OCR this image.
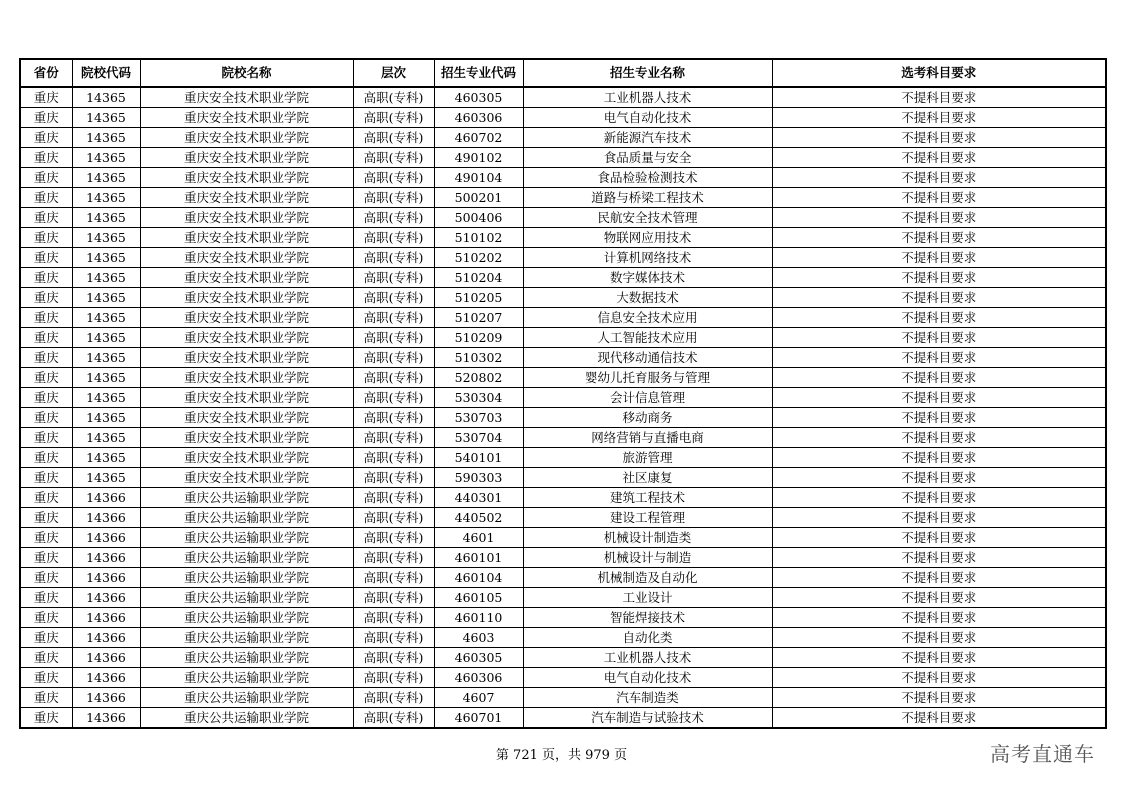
省份	院校代码	院校名称	层次	招生专业代码	招生专业名称	选考科目要求
重庆	14365	重庆安全技术职业学院	高职(专科)	460305	工业机器人技术	不提科目要求
重庆	14365	重庆安全技术职业学院	高职(专科)	460306	电气自动化技术	不提科目要求
重庆	14365	重庆安全技术职业学院	高职(专科)	460702	新能源汽车技术	不提科目要求
重庆	14365	重庆安全技术职业学院	高职(专科)	490102	食品质量与安全	不提科目要求
重庆	14365	重庆安全技术职业学院	高职(专科)	490104	食品检验检测技术	不提科目要求
重庆	14365	重庆安全技术职业学院	高职(专科)	500201	道路与桥梁工程技术	不提科目要求
重庆	14365	重庆安全技术职业学院	高职(专科)	500406	民航安全技术管理	不提科目要求
重庆	14365	重庆安全技术职业学院	高职(专科)	510102	物联网应用技术	不提科目要求
重庆	14365	重庆安全技术职业学院	高职(专科)	510202	计算机网络技术	不提科目要求
重庆	14365	重庆安全技术职业学院	高职(专科)	510204	数字媒体技术	不提科目要求
重庆	14365	重庆安全技术职业学院	高职(专科)	510205	大数据技术	不提科目要求
重庆	14365	重庆安全技术职业学院	高职(专科)	510207	信息安全技术应用	不提科目要求
重庆	14365	重庆安全技术职业学院	高职(专科)	510209	人工智能技术应用	不提科目要求
重庆	14365	重庆安全技术职业学院	高职(专科)	510302	现代移动通信技术	不提科目要求
重庆	14365	重庆安全技术职业学院	高职(专科)	520802	婴幼儿托育服务与管理	不提科目要求
重庆	14365	重庆安全技术职业学院	高职(专科)	530304	会计信息管理	不提科目要求
重庆	14365	重庆安全技术职业学院	高职(专科)	530703	移动商务	不提科目要求
重庆	14365	重庆安全技术职业学院	高职(专科)	530704	网络营销与直播电商	不提科目要求
重庆	14365	重庆安全技术职业学院	高职(专科)	540101	旅游管理	不提科目要求
重庆	14365	重庆安全技术职业学院	高职(专科)	590303	社区康复	不提科目要求
重庆	14366	重庆公共运输职业学院	高职(专科)	440301	建筑工程技术	不提科目要求
重庆	14366	重庆公共运输职业学院	高职(专科)	440502	建设工程管理	不提科目要求
重庆	14366	重庆公共运输职业学院	高职(专科)	4601	机械设计制造类	不提科目要求
重庆	14366	重庆公共运输职业学院	高职(专科)	460101	机械设计与制造	不提科目要求
重庆	14366	重庆公共运输职业学院	高职(专科)	460104	机械制造及自动化	不提科目要求
重庆	14366	重庆公共运输职业学院	高职(专科)	460105	工业设计	不提科目要求
重庆	14366	重庆公共运输职业学院	高职(专科)	460110	智能焊接技术	不提科目要求
重庆	14366	重庆公共运输职业学院	高职(专科)	4603	自动化类	不提科目要求
重庆	14366	重庆公共运输职业学院	高职(专科)	460305	工业机器人技术	不提科目要求
重庆	14366	重庆公共运输职业学院	高职(专科)	460306	电气自动化技术	不提科目要求
重庆	14366	重庆公共运输职业学院	高职(专科)	4607	汽车制造类	不提科目要求
重庆	14366	重庆公共运输职业学院	高职(专科)	460701	汽车制造与试验技术	不提科目要求
第 721 页，共 979 页	高考直通车
